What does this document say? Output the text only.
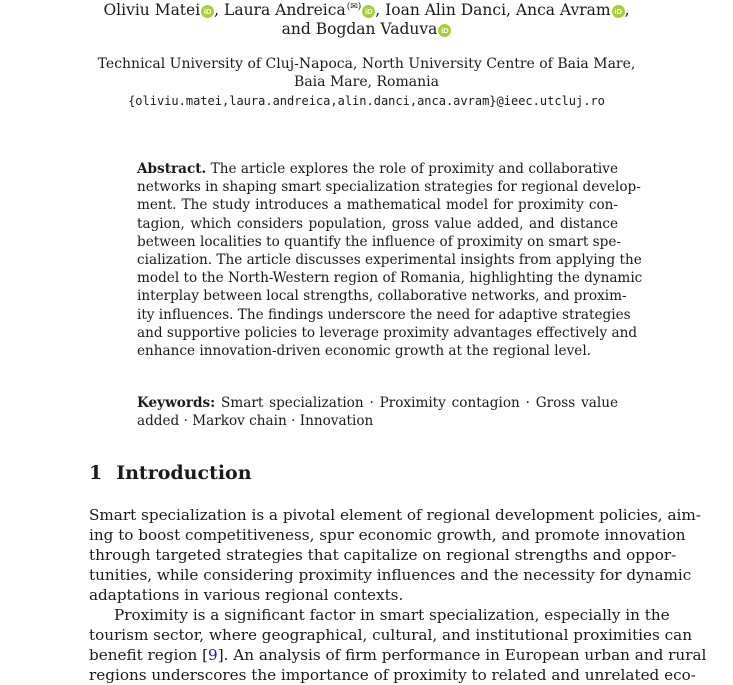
Oliviu Matei iD , Laura Andreica(✉) iD , Ioan Alin Danci, Anca Avram iD ,
and Bogdan Vaduva iD
Technical University of Cluj-Napoca, North University Centre of Baia Mare,
Baia Mare, Romania
{oliviu.matei,laura.andreica,alin.danci,anca.avram}@ieec.utcluj.ro
Abstract. The article explores the role of proximity and collaborative
networks in shaping smart specialization strategies for regional develop-
ment. The study introduces a mathematical model for proximity con-
tagion, which considers population, gross value added, and distance
between localities to quantify the influence of proximity on smart spe-
cialization. The article discusses experimental insights from applying the
model to the North-Western region of Romania, highlighting the dynamic
interplay between local strengths, collaborative networks, and proxim-
ity influences. The findings underscore the need for adaptive strategies
and supportive policies to leverage proximity advantages effectively and
enhance innovation-driven economic growth at the regional level.
Keywords: Smart specialization · Proximity contagion · Gross value
added · Markov chain · Innovation
1 Introduction
Smart specialization is a pivotal element of regional development policies, aim-
ing to boost competitiveness, spur economic growth, and promote innovation
through targeted strategies that capitalize on regional strengths and oppor-
tunities, while considering proximity influences and the necessity for dynamic
adaptations in various regional contexts.
Proximity is a significant factor in smart specialization, especially in the
tourism sector, where geographical, cultural, and institutional proximities can
benefit region [9]. An analysis of firm performance in European urban and rural
regions underscores the importance of proximity to related and unrelated eco-
